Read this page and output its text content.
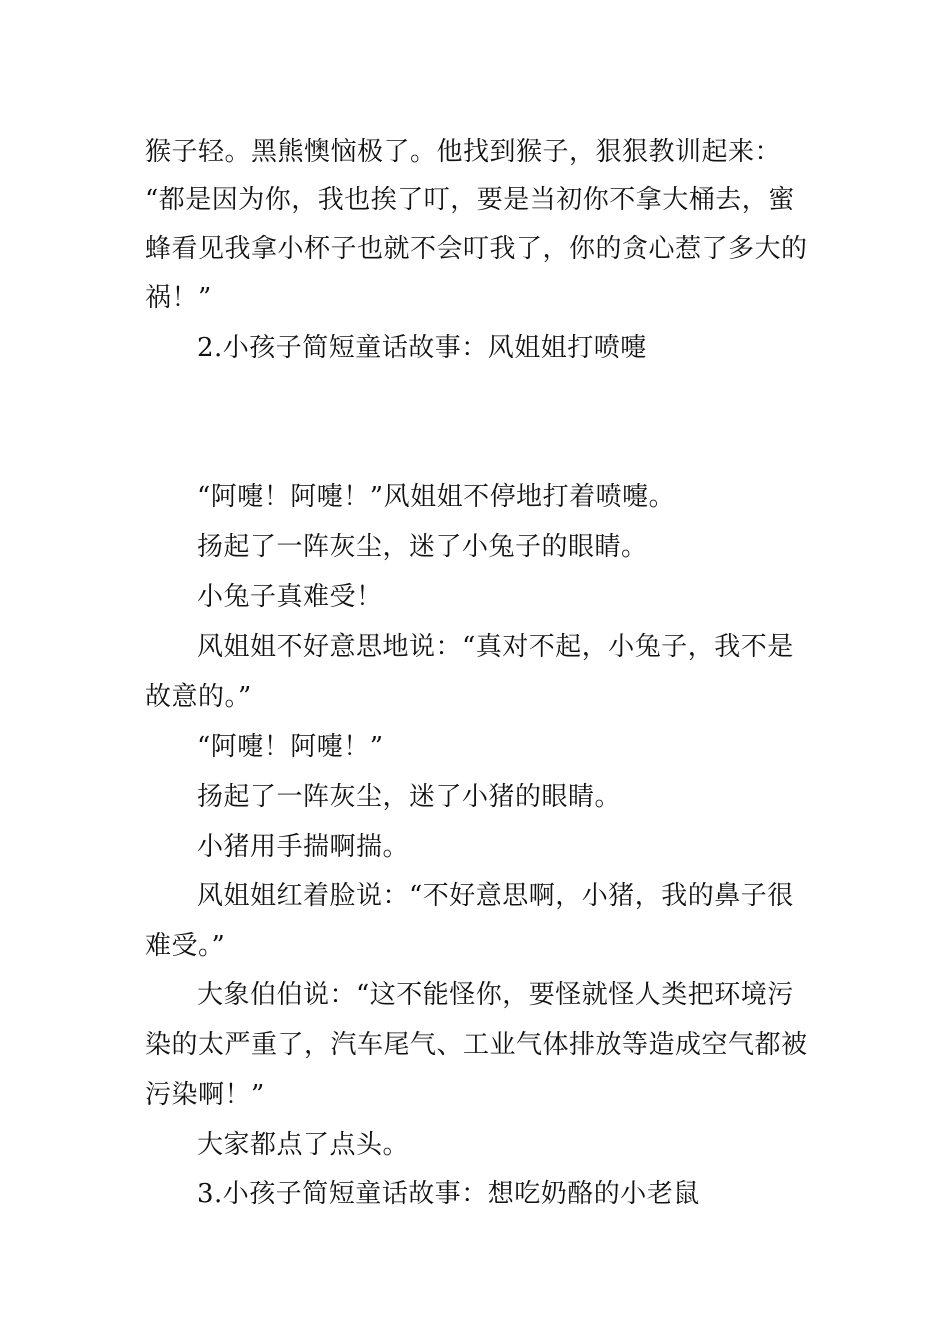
猴子轻。黑熊懊恼极了。他找到猴子，狠狠教训起来：
“都是因为你，我也挨了叮，要是当初你不拿大桶去，蜜
蜂看见我拿小杯子也就不会叮我了，你的贪心惹了多大的
祸！”
2.小孩子简短童话故事：风姐姐打喷嚏
“阿嚏！阿嚏！”风姐姐不停地打着喷嚏。
扬起了一阵灰尘，迷了小兔子的眼睛。
小兔子真难受！
风姐姐不好意思地说：“真对不起，小兔子，我不是
故意的。”
“阿嚏！阿嚏！”
扬起了一阵灰尘，迷了小猪的眼睛。
小猪用手揣啊揣。
风姐姐红着脸说：“不好意思啊，小猪，我的鼻子很
难受。”
大象伯伯说：“这不能怪你，要怪就怪人类把环境污
染的太严重了，汽车尾气、工业气体排放等造成空气都被
污染啊！”
大家都点了点头。
3.小孩子简短童话故事：想吃奶酪的小老鼠
